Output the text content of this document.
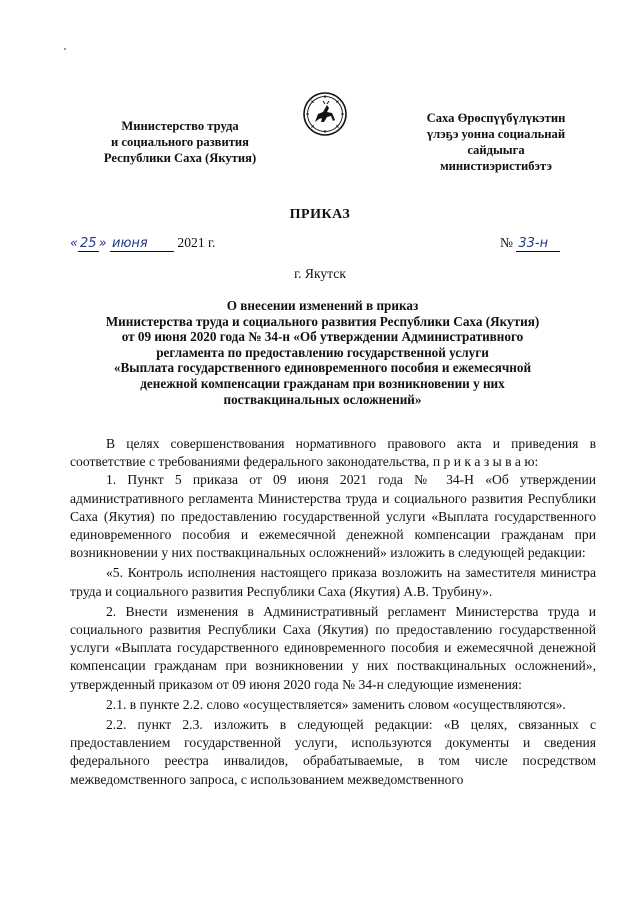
Министерство труда
и социального развития
Республики Саха (Якутия)
Саха Өрөспүүбүлүкэтин
үлэҕэ уонна социальнай
сайдыыга
министиэристибэтэ
ПРИКАЗ
« 25 » июня 2021 г.	№ 33-н
г. Якутск
О внесении изменений в приказ
Министерства труда и социального развития Республики Саха (Якутия)
от 09 июня 2020 года № 34-н «Об утверждении Административного
регламента по предоставлению государственной услуги
«Выплата государственного единовременного пособия и ежемесячной
денежной компенсации гражданам при возникновении у них
поствакцинальных осложнений»

В целях совершенствования нормативного правового акта и приведения в соответствие с требованиями федерального законодательства, п р и к а з ы в а ю:

1. Пункт 5 приказа от 09 июня 2021 года № 34-Н «Об утверждении административного регламента Министерства труда и социального развития Республики Саха (Якутия) по предоставлению государственной услуги «Выплата государственного единовременного пособия и ежемесячной денежной компенсации гражданам при возникновении у них поствакцинальных осложнений» изложить в следующей редакции:

«5. Контроль исполнения настоящего приказа возложить на заместителя министра труда и социального развития Республики Саха (Якутия) А.В. Трубину».

2. Внести изменения в Административный регламент Министерства труда и социального развития Республики Саха (Якутия) по предоставлению государственной услуги «Выплата государственного единовременного пособия и ежемесячной денежной компенсации гражданам при возникновении у них поствакцинальных осложнений», утвержденный приказом от 09 июня 2020 года № 34-н следующие изменения:

2.1. в пункте 2.2. слово «осуществляется» заменить словом «осуществляются».

2.2. пункт 2.3. изложить в следующей редакции: «В целях, связанных с предоставлением государственной услуги, используются документы и сведения федерального реестра инвалидов, обрабатываемые, в том числе посредством межведомственного запроса, с использованием межведомственного
